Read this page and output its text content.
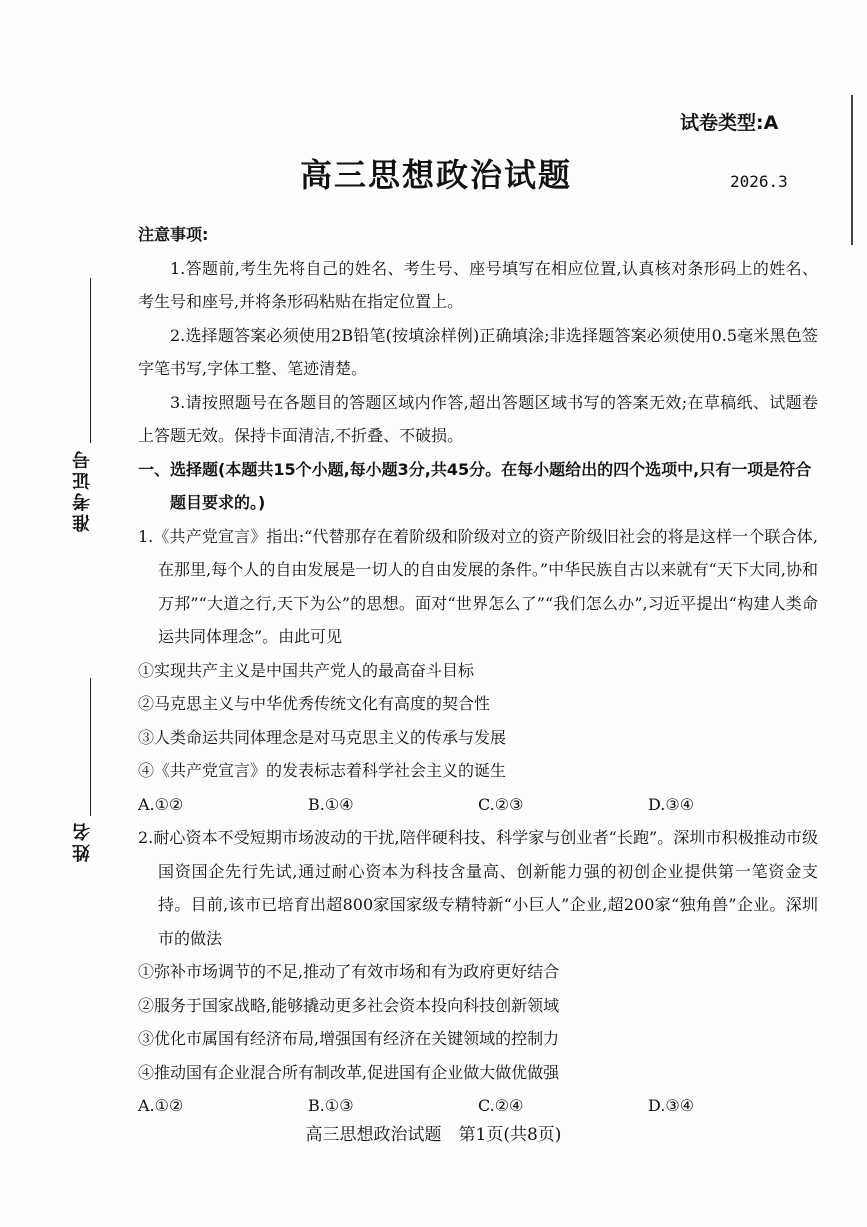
试卷类型:A
高三思想政治试题	2026.3
准考证号
姓名
注意事项:
1.答题前,考生先将自己的姓名、考生号、座号填写在相应位置,认真核对条形码上的姓名、考生号和座号,并将条形码粘贴在指定位置上。
2.选择题答案必须使用2B铅笔(按填涂样例)正确填涂;非选择题答案必须使用0.5毫米黑色签字笔书写,字体工整、笔迹清楚。
3.请按照题号在各题目的答题区域内作答,超出答题区域书写的答案无效;在草稿纸、试题卷上答题无效。保持卡面清洁,不折叠、不破损。
一、选择题(本题共15个小题,每小题3分,共45分。在每小题给出的四个选项中,只有一项是符合题目要求的。)
1.《共产党宣言》指出:“代替那存在着阶级和阶级对立的资产阶级旧社会的将是这样一个联合体,在那里,每个人的自由发展是一切人的自由发展的条件。”中华民族自古以来就有“天下大同,协和万邦”“大道之行,天下为公”的思想。面对“世界怎么了”“我们怎么办”,习近平提出“构建人类命运共同体理念”。由此可见
①实现共产主义是中国共产党人的最高奋斗目标
②马克思主义与中华优秀传统文化有高度的契合性
③人类命运共同体理念是对马克思主义的传承与发展
④《共产党宣言》的发表标志着科学社会主义的诞生
A.①②	B.①④	C.②③	D.③④
2.耐心资本不受短期市场波动的干扰,陪伴硬科技、科学家与创业者“长跑”。深圳市积极推动市级国资国企先行先试,通过耐心资本为科技含量高、创新能力强的初创企业提供第一笔资金支持。目前,该市已培育出超800家国家级专精特新“小巨人”企业,超200家“独角兽”企业。深圳市的做法
①弥补市场调节的不足,推动了有效市场和有为政府更好结合
②服务于国家战略,能够撬动更多社会资本投向科技创新领域
③优化市属国有经济布局,增强国有经济在关键领域的控制力
④推动国有企业混合所有制改革,促进国有企业做大做优做强
A.①②	B.①③	C.②④	D.③④
高三思想政治试题　第1页(共8页)
